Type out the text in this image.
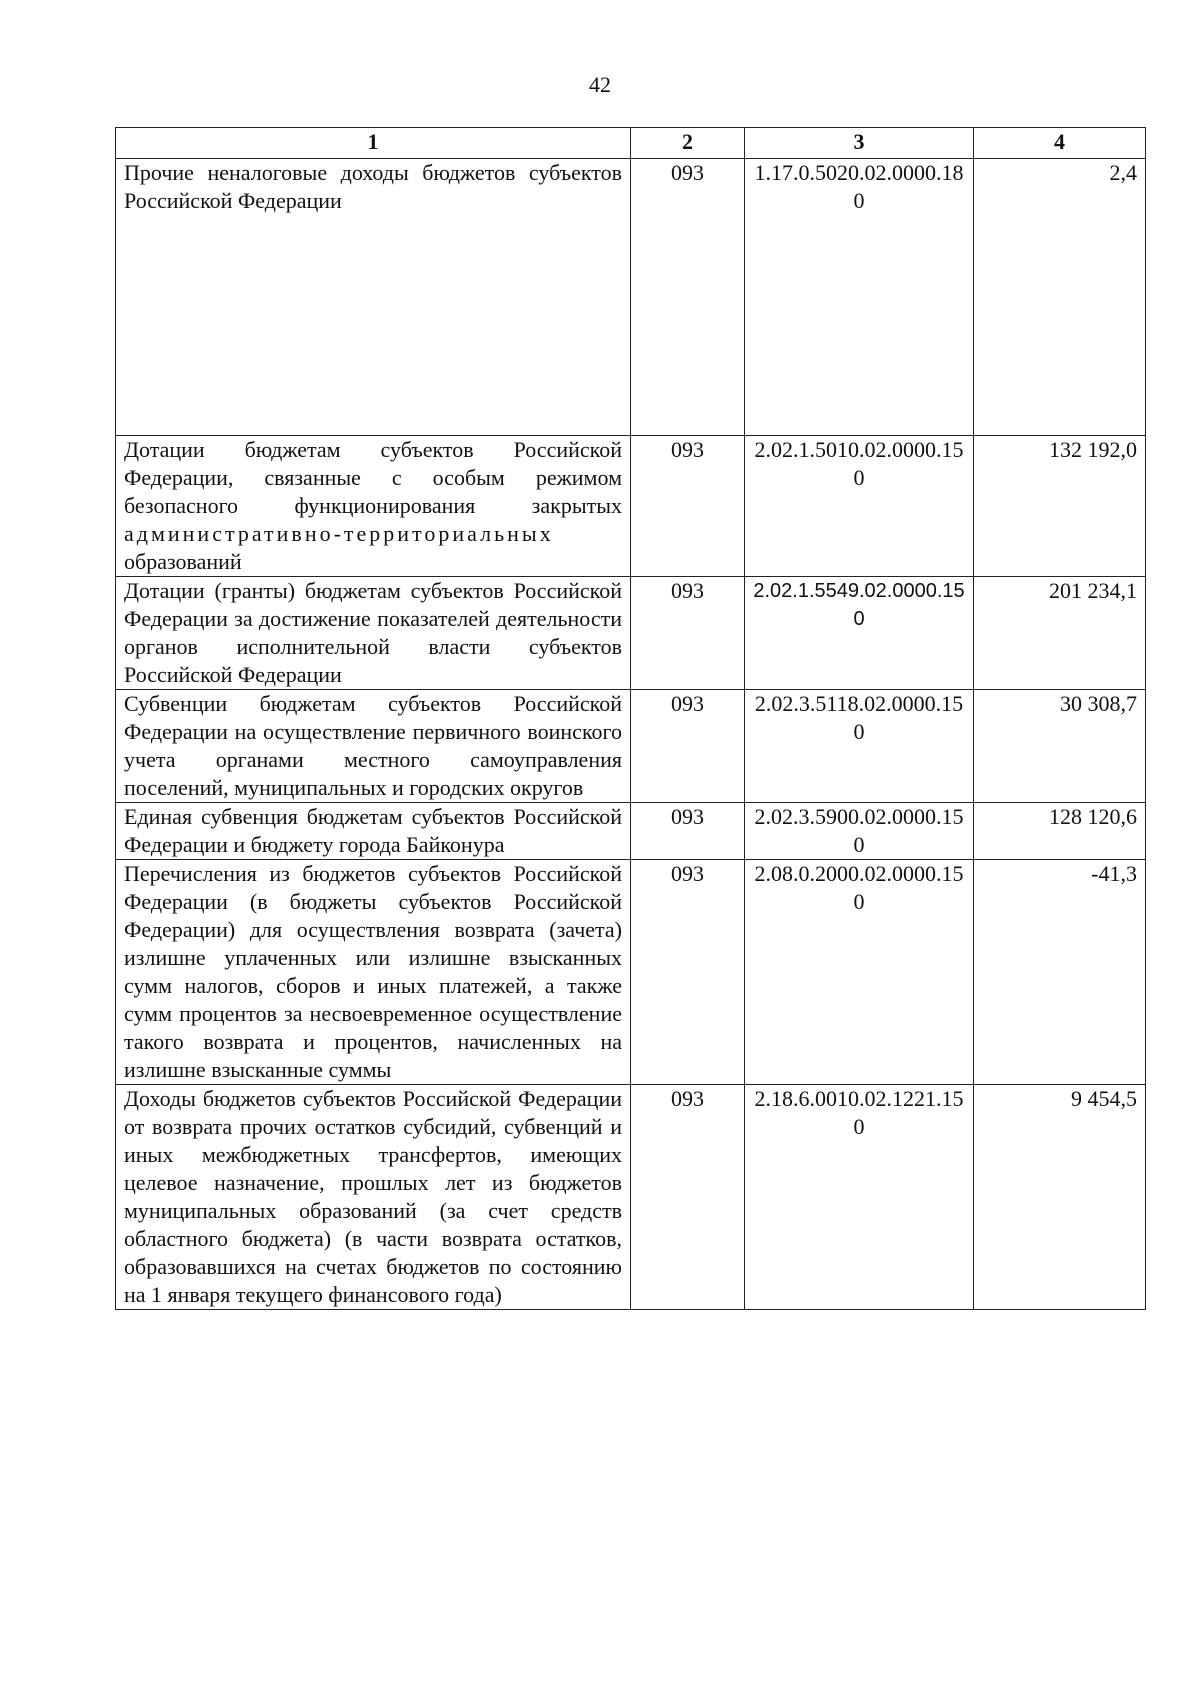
42
1	2	3	4
Прочие неналоговые доходы бюджетов субъектов Российской Федерации	093	1.17.0.5020.02.0000.180	2,4
Дотации бюджетам субъектов Российской Федерации, связанные с особым режимом безопасного функционирования закрытых административно-территориальных образований	093	2.02.1.5010.02.0000.150	132 192,0
Дотации (гранты) бюджетам субъектов Российской Федерации за достижение показателей деятельности органов исполнительной власти субъектов Российской Федерации	093	2.02.1.5549.02.0000.150	201 234,1
Субвенции бюджетам субъектов Российской Федерации на осуществление первичного воинского учета органами местного самоуправления поселений, муниципальных и городских округов	093	2.02.3.5118.02.0000.150	30 308,7
Единая субвенция бюджетам субъектов Российской Федерации и бюджету города Байконура	093	2.02.3.5900.02.0000.150	128 120,6
Перечисления из бюджетов субъектов Российской Федерации (в бюджеты субъектов Российской Федерации) для осуществления возврата (зачета) излишне уплаченных или излишне взысканных сумм налогов, сборов и иных платежей, а также сумм процентов за несвоевременное осуществление такого возврата и процентов, начисленных на излишне взысканные суммы	093	2.08.0.2000.02.0000.150	-41,3
Доходы бюджетов субъектов Российской Федерации от возврата прочих остатков субсидий, субвенций и иных межбюджетных трансфертов, имеющих целевое назначение, прошлых лет из бюджетов муниципальных образований (за счет средств областного бюджета) (в части возврата остатков, образовавшихся на счетах бюджетов по состоянию на 1 января текущего финансового года)	093	2.18.6.0010.02.1221.150	9 454,5
